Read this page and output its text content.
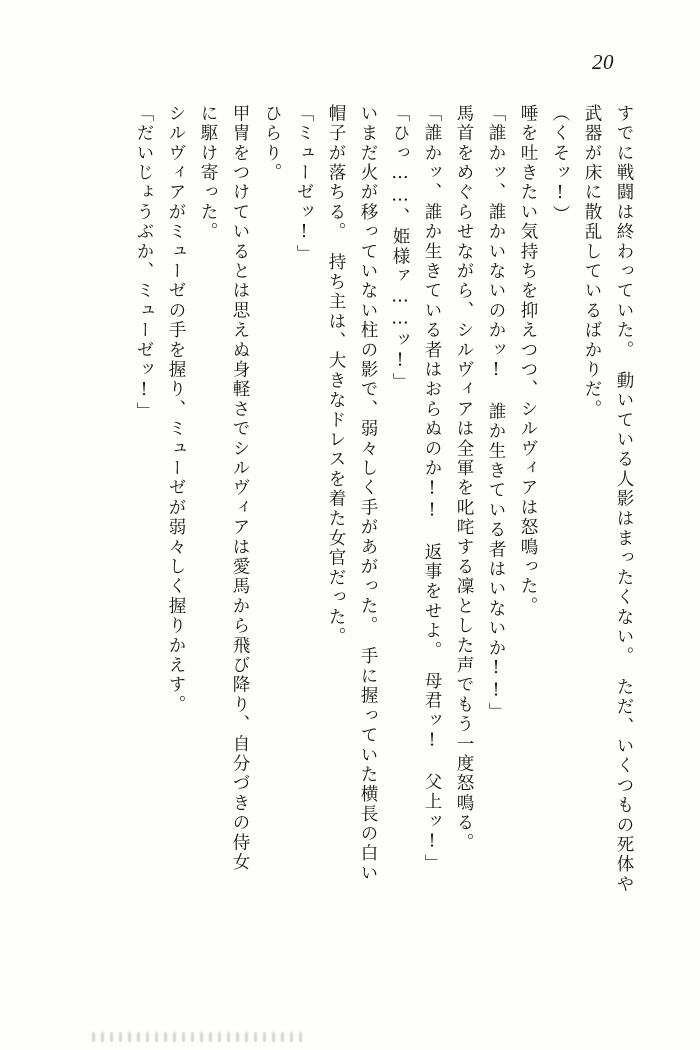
20
すでに戦闘は終わっていた。　動いている人影はまったくない。　ただ、いくつもの死体や
武器が床に散乱しているばかりだ。
（くそッ!）
唾を吐きたい気持ちを抑えつつ、シルヴィアは怒鳴った。
「誰かッ、誰かいないのかッ!　誰か生きている者はいないか!!」
馬首をめぐらせながら、シルヴィアは全軍を叱咤する凜とした声でもう一度怒鳴る。
「誰かッ、誰か生きている者はおらぬのか!!　返事をせよ。　母君ッ!　父上ッ!」
「ひっ……、姫様ァ……ッ!」
いまだ火が移っていない柱の影で、弱々しく手があがった。　手に握っていた横長の白い
帽子が落ちる。　持ち主は、大きなドレスを着た女官だった。
「ミューゼッ!」
ひらり。
甲冑をつけているとは思えぬ身軽さでシルヴィアは愛馬から飛び降り、自分づきの侍女
に駆け寄った。
シルヴィアがミューゼの手を握り、ミューゼが弱々しく握りかえす。
「だいじょうぶか、ミューゼッ!」
